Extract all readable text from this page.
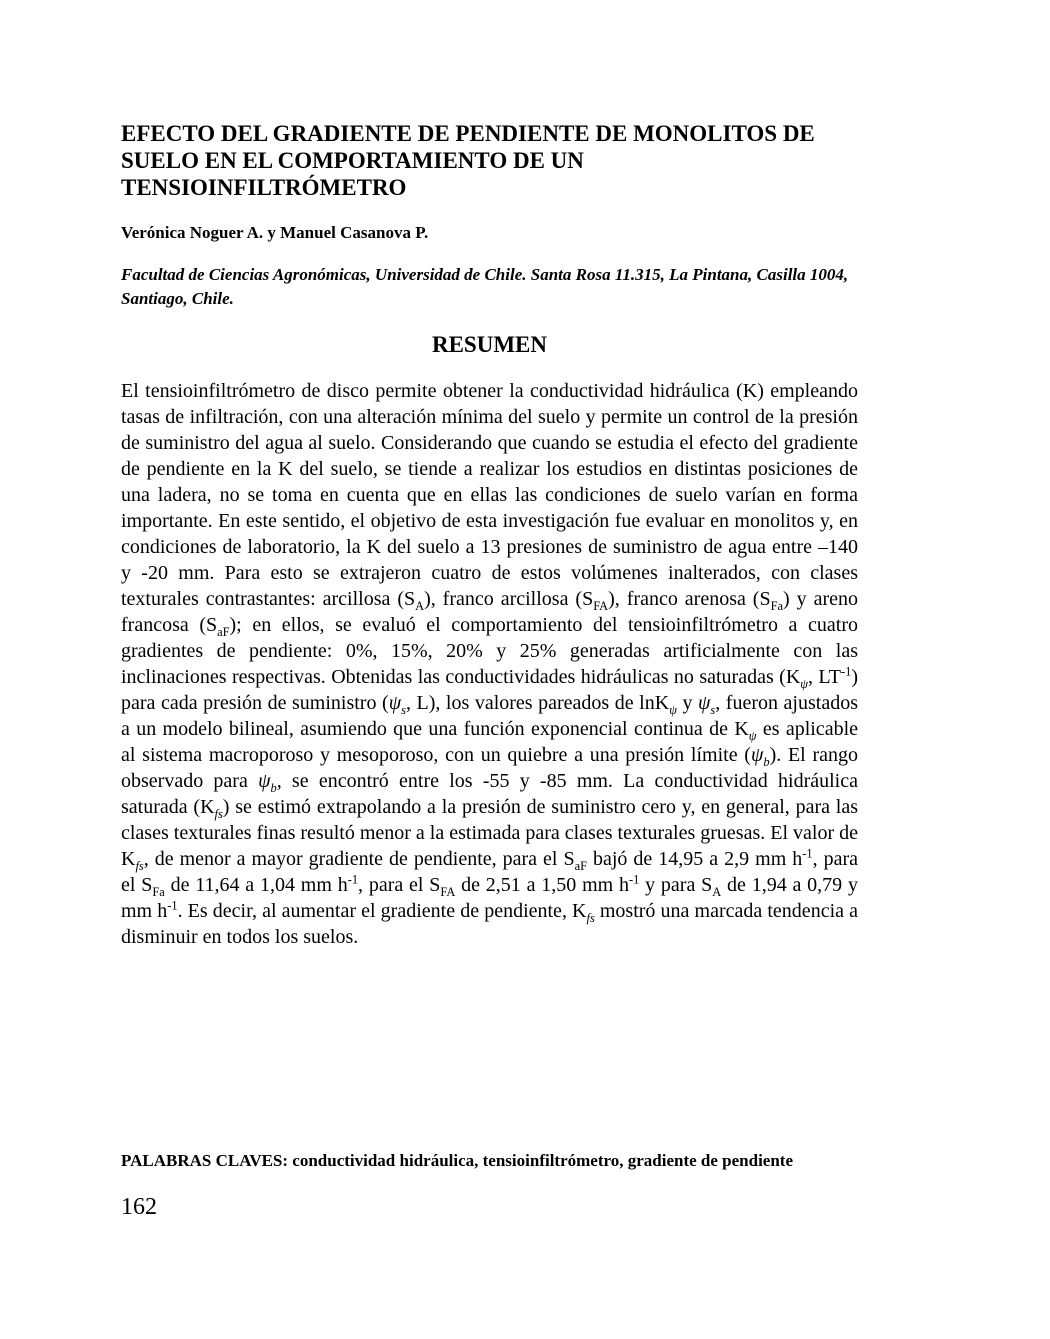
EFECTO DEL GRADIENTE DE PENDIENTE DE MONOLITOS DE SUELO EN EL COMPORTAMIENTO DE UN TENSIOINFILTRÓMETRO
Verónica Noguer A. y Manuel Casanova P.
Facultad de Ciencias Agronómicas, Universidad de Chile. Santa Rosa 11.315, La Pintana, Casilla 1004, Santiago, Chile.
RESUMEN
El tensioinfiltrómetro de disco permite obtener la conductividad hidráulica (K) empleando tasas de infiltración, con una alteración mínima del suelo y permite un control de la presión de suministro del agua al suelo. Considerando que cuando se estudia el efecto del gradiente de pendiente en la K del suelo, se tiende a realizar los estudios en distintas posiciones de una ladera, no se toma en cuenta que en ellas las condiciones de suelo varían en forma importante. En este sentido, el objetivo de esta investigación fue evaluar en monolitos y, en condiciones de laboratorio, la K del suelo a 13 presiones de suministro de agua entre –140 y -20 mm. Para esto se extrajeron cuatro de estos volúmenes inalterados, con clases texturales contrastantes: arcillosa $(S_A)$, franco arcillosa $(S_{FA})$, franco arenosa $(S_{Fa})$ y areno francosa $(S_{aF})$; en ellos, se evaluó el comportamiento del tensioinfiltrómetro a cuatro gradientes de pendiente: 0%, 15%, 20% y 25% generadas artificialmente con las inclinaciones respectivas. Obtenidas las conductividades hidráulicas no saturadas ($K_\psi$, $LT^{-1}$) para cada presión de suministro ($\psi_s$, L), los valores pareados de lnK$_\psi$ y $\psi_s$, fueron ajustados a un modelo bilineal, asumiendo que una función exponencial continua de $K_\psi$ es aplicable al sistema macroporoso y mesoporoso, con un quiebre a una presión límite $(\psi_b)$. El rango observado para $\psi_b$, se encontró entre los -55 y -85 mm. La conductividad hidráulica saturada $(K_{fs})$ se estimó extrapolando a la presión de suministro cero y, en general, para las clases texturales finas resultó menor a la estimada para clases texturales gruesas. El valor de $K_{fs}$, de menor a mayor gradiente de pendiente, para el $S_{aF}$ bajó de 14,95 a 2,9 mm $h^{-1}$, para el $S_{Fa}$ de 11,64 a 1,04 mm $h^{-1}$, para el $S_{FA}$ de 2,51 a 1,50 mm $h^{-1}$ y para $S_A$ de 1,94 a 0,79 y mm $h^{-1}$. Es decir, al aumentar el gradiente de pendiente, $K_{fs}$ mostró una marcada tendencia a disminuir en todos los suelos.
PALABRAS CLAVES: conductividad hidráulica, tensioinfiltrómetro, gradiente de pendiente
162
